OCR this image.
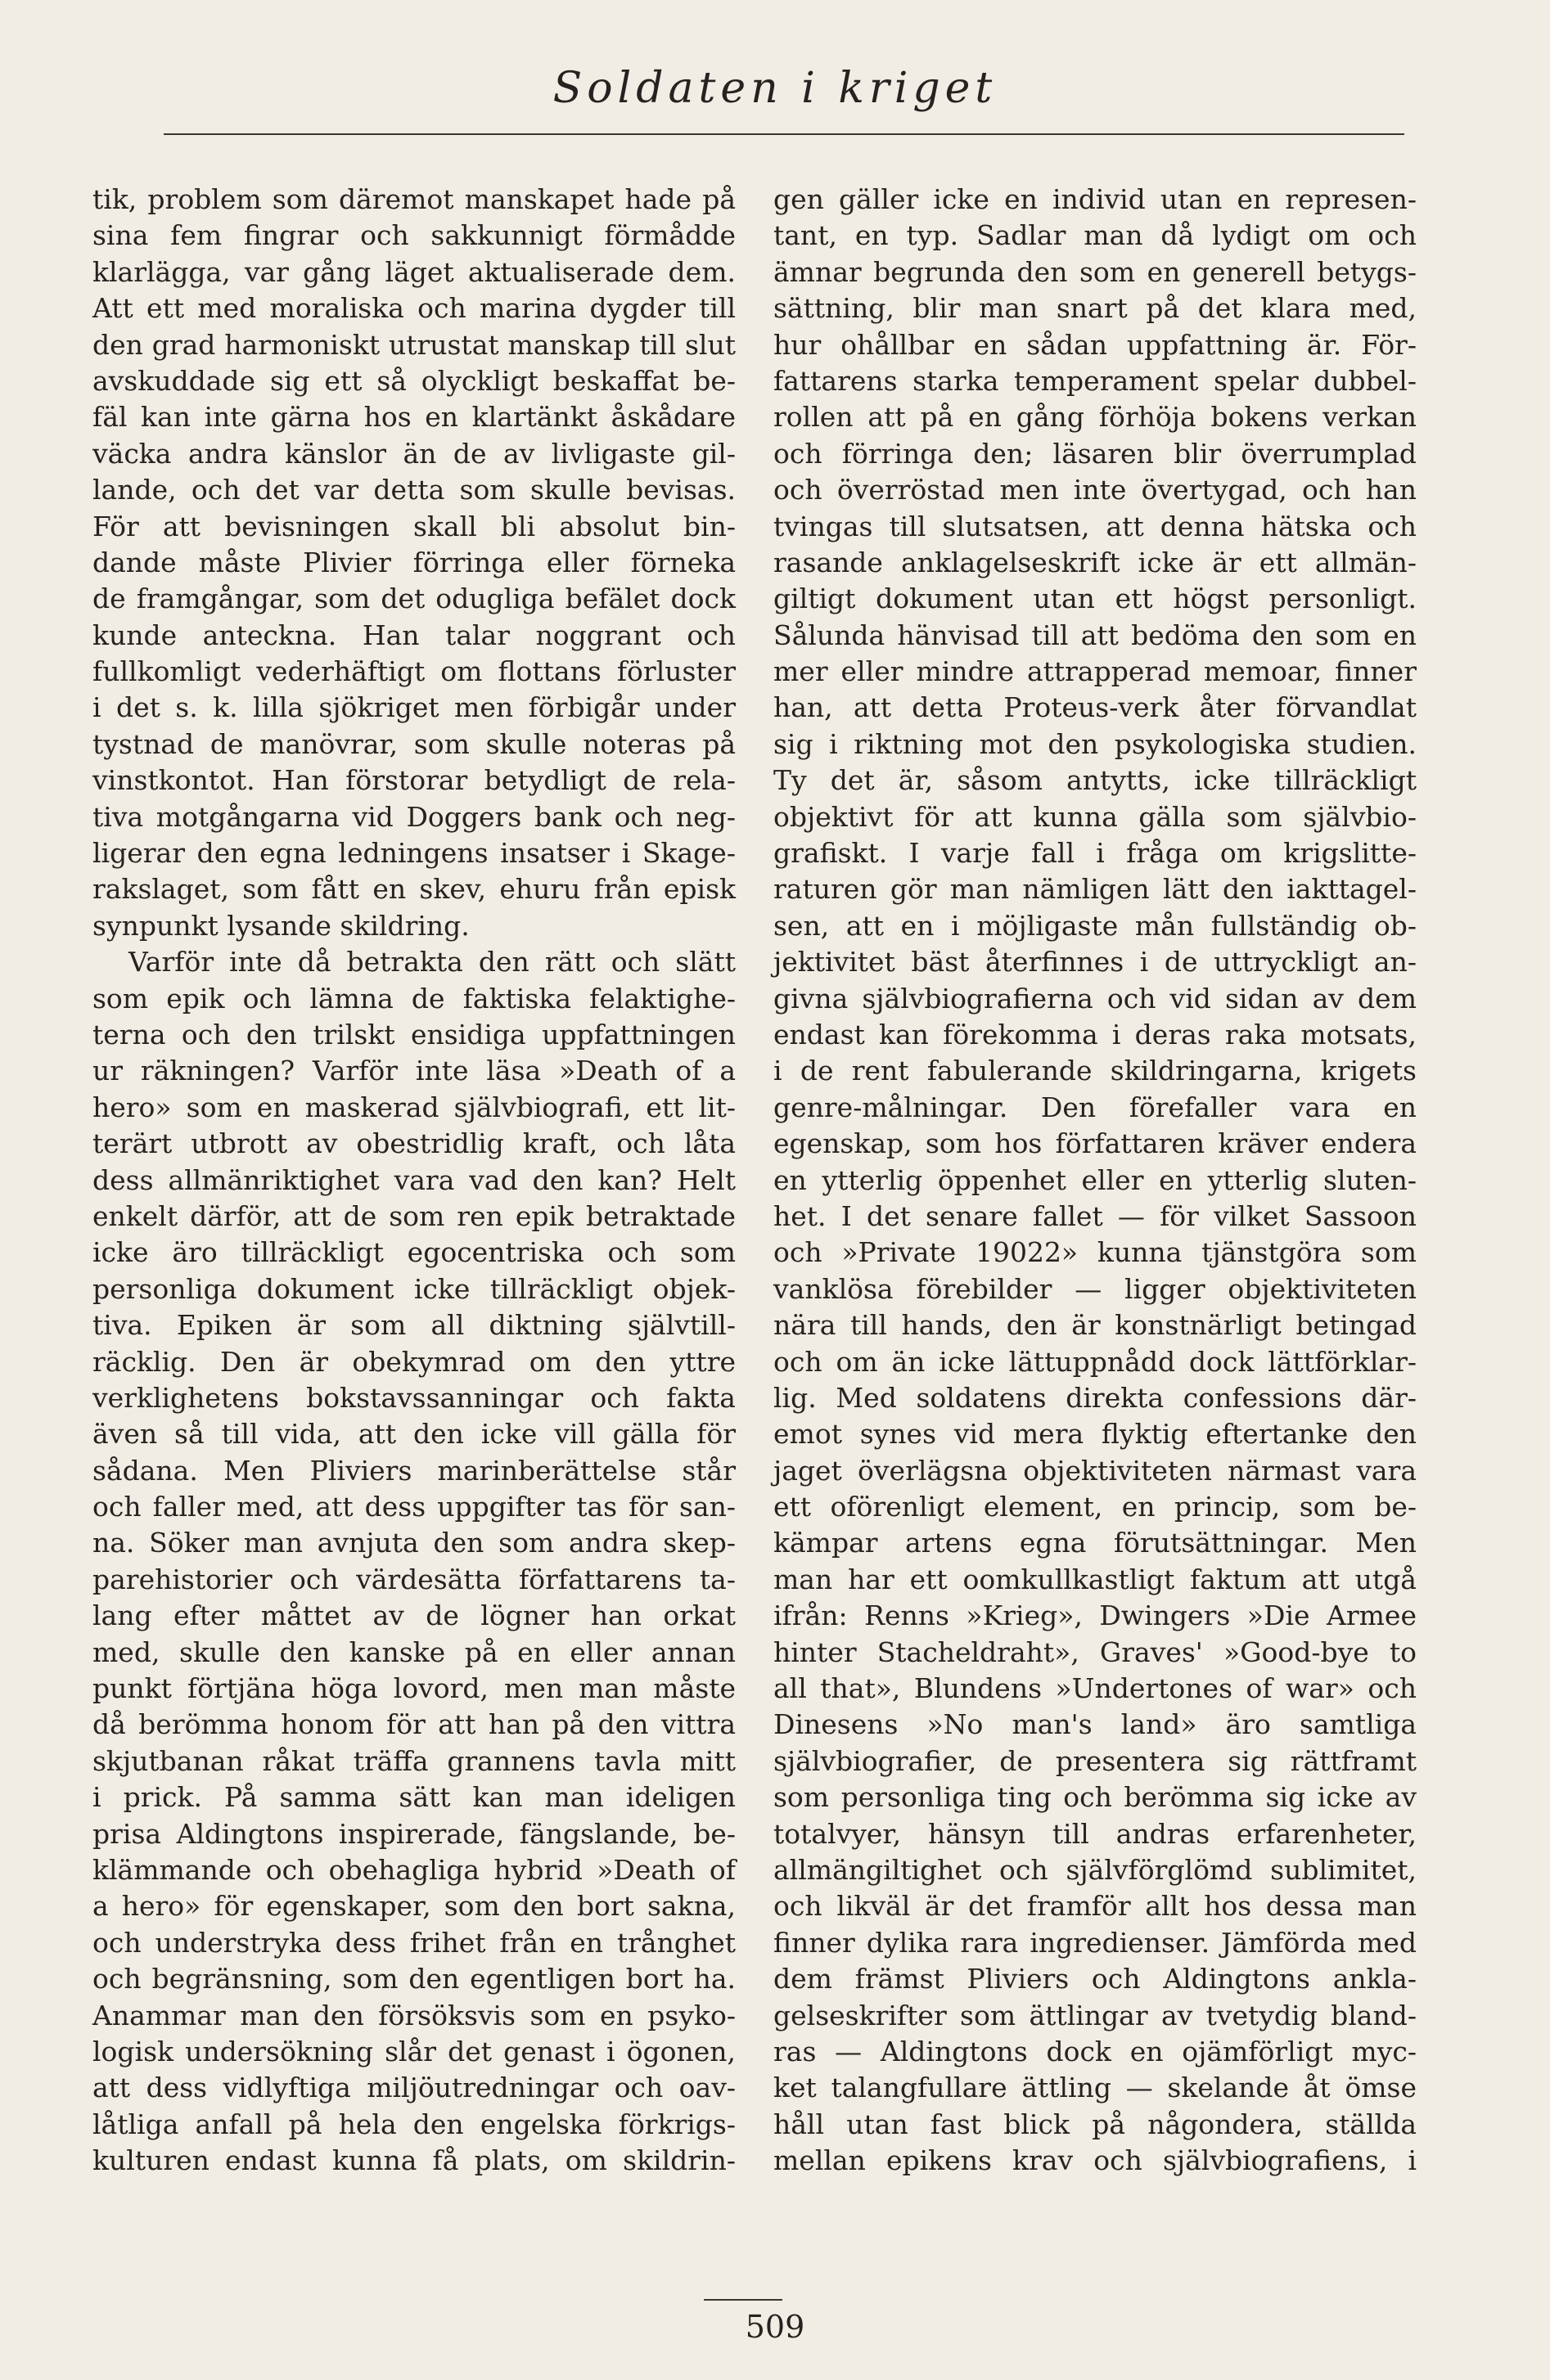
Soldaten i kriget
tik, problem som däremot manskapet hade på
sina fem fingrar och sakkunnigt förmådde
klarlägga, var gång läget aktualiserade dem.
Att ett med moraliska och marina dygder till
den grad harmoniskt utrustat manskap till slut
avskuddade sig ett så olyckligt beskaffat be-
fäl kan inte gärna hos en klartänkt åskådare
väcka andra känslor än de av livligaste gil-
lande, och det var detta som skulle bevisas.
För att bevisningen skall bli absolut bin-
dande måste Plivier förringa eller förneka
de framgångar, som det odugliga befälet dock
kunde anteckna. Han talar noggrant och
fullkomligt vederhäftigt om flottans förluster
i det s. k. lilla sjökriget men förbigår under
tystnad de manövrar, som skulle noteras på
vinstkontot. Han förstorar betydligt de rela-
tiva motgångarna vid Doggers bank och neg-
ligerar den egna ledningens insatser i Skage-
rakslaget, som fått en skev, ehuru från episk
synpunkt lysande skildring.
Varför inte då betrakta den rätt och slätt
som epik och lämna de faktiska felaktighe-
terna och den trilskt ensidiga uppfattningen
ur räkningen? Varför inte läsa »Death of a
hero» som en maskerad självbiografi, ett lit-
terärt utbrott av obestridlig kraft, och låta
dess allmänriktighet vara vad den kan? Helt
enkelt därför, att de som ren epik betraktade
icke äro tillräckligt egocentriska och som
personliga dokument icke tillräckligt objek-
tiva. Epiken är som all diktning självtill-
räcklig. Den är obekymrad om den yttre
verklighetens bokstavssanningar och fakta
även så till vida, att den icke vill gälla för
sådana. Men Pliviers marinberättelse står
och faller med, att dess uppgifter tas för san-
na. Söker man avnjuta den som andra skep-
parehistorier och värdesätta författarens ta-
lang efter måttet av de lögner han orkat
med, skulle den kanske på en eller annan
punkt förtjäna höga lovord, men man måste
då berömma honom för att han på den vittra
skjutbanan råkat träffa grannens tavla mitt
i prick. På samma sätt kan man ideligen
prisa Aldingtons inspirerade, fängslande, be-
klämmande och obehagliga hybrid »Death of
a hero» för egenskaper, som den bort sakna,
och understryka dess frihet från en trånghet
och begränsning, som den egentligen bort ha.
Anammar man den försöksvis som en psyko-
logisk undersökning slår det genast i ögonen,
att dess vidlyftiga miljöutredningar och oav-
låtliga anfall på hela den engelska förkrigs-
kulturen endast kunna få plats, om skildrin-
gen gäller icke en individ utan en represen-
tant, en typ. Sadlar man då lydigt om och
ämnar begrunda den som en generell betygs-
sättning, blir man snart på det klara med,
hur ohållbar en sådan uppfattning är. För-
fattarens starka temperament spelar dubbel-
rollen att på en gång förhöja bokens verkan
och förringa den; läsaren blir överrumplad
och överröstad men inte övertygad, och han
tvingas till slutsatsen, att denna hätska och
rasande anklagelseskrift icke är ett allmän-
giltigt dokument utan ett högst personligt.
Sålunda hänvisad till att bedöma den som en
mer eller mindre attrapperad memoar, finner
han, att detta Proteus-verk åter förvandlat
sig i riktning mot den psykologiska studien.
Ty det är, såsom antytts, icke tillräckligt
objektivt för att kunna gälla som självbio-
grafiskt. I varje fall i fråga om krigslitte-
raturen gör man nämligen lätt den iakttagel-
sen, att en i möjligaste mån fullständig ob-
jektivitet bäst återfinnes i de uttryckligt an-
givna självbiografierna och vid sidan av dem
endast kan förekomma i deras raka motsats,
i de rent fabulerande skildringarna, krigets
genre-målningar. Den förefaller vara en
egenskap, som hos författaren kräver endera
en ytterlig öppenhet eller en ytterlig sluten-
het. I det senare fallet — för vilket Sassoon
och »Private 19022» kunna tjänstgöra som
vanklösa förebilder — ligger objektiviteten
nära till hands, den är konstnärligt betingad
och om än icke lättuppnådd dock lättförklar-
lig. Med soldatens direkta confessions där-
emot synes vid mera flyktig eftertanke den
jaget överlägsna objektiviteten närmast vara
ett oförenligt element, en princip, som be-
kämpar artens egna förutsättningar. Men
man har ett oomkullkastligt faktum att utgå
ifrån: Renns »Krieg», Dwingers »Die Armee
hinter Stacheldraht», Graves' »Good-bye to
all that», Blundens »Undertones of war» och
Dinesens »No man's land» äro samtliga
självbiografier, de presentera sig rättframt
som personliga ting och berömma sig icke av
totalvyer, hänsyn till andras erfarenheter,
allmängiltighet och självförglömd sublimitet,
och likväl är det framför allt hos dessa man
finner dylika rara ingredienser. Jämförda med
dem främst Pliviers och Aldingtons ankla-
gelseskrifter som ättlingar av tvetydig bland-
ras — Aldingtons dock en ojämförligt myc-
ket talangfullare ättling — skelande åt ömse
håll utan fast blick på någondera, ställda
mellan epikens krav och självbiografiens, i
509
